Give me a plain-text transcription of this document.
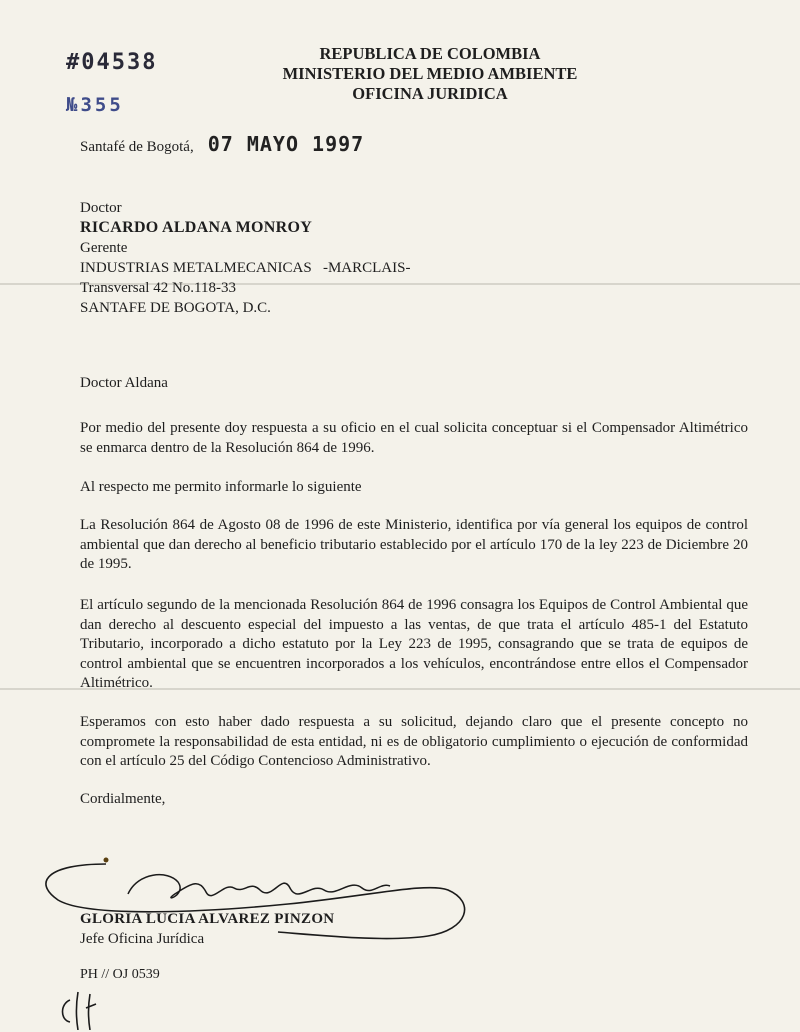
#04538
№355
REPUBLICA DE COLOMBIA
MINISTERIO DEL MEDIO AMBIENTE
OFICINA JURIDICA
Santafé de Bogotá, 07 MAYO 1997
Doctor
RICARDO ALDANA MONROY
Gerente
INDUSTRIAS METALMECANICAS   -MARCLAIS-
Transversal 42 No.118-33
SANTAFE DE BOGOTA, D.C.

Doctor Aldana

Por medio del presente doy respuesta a su oficio en el cual solicita conceptuar si el Compensador Altimétrico se enmarca dentro de la Resolución 864 de 1996.

Al respecto me permito informarle lo siguiente

La Resolución 864 de Agosto 08 de 1996 de este Ministerio, identifica por vía general los equipos de control ambiental que dan derecho al beneficio tributario establecido por el artículo 170 de la ley 223 de Diciembre 20 de 1995.

El artículo segundo de la mencionada Resolución 864 de 1996 consagra los Equipos de Control Ambiental que dan derecho al descuento especial del impuesto a las ventas, de que trata el artículo 485-1 del Estatuto Tributario, incorporado a dicho estatuto por la Ley 223 de 1995, consagrando que se trata de equipos de control ambiental que se encuentren incorporados a los vehículos, encontrándose entre ellos el Compensador Altimétrico.

Esperamos con esto haber dado respuesta a su solicitud, dejando claro que el presente concepto no compromete la responsabilidad de esta entidad, ni es de obligatorio cumplimiento o ejecución de conformidad con el artículo 25 del Código Contencioso Administrativo.

Cordialmente,
GLORIA LUCIA ALVAREZ PINZON
Jefe Oficina Jurídica
PH // OJ 0539
